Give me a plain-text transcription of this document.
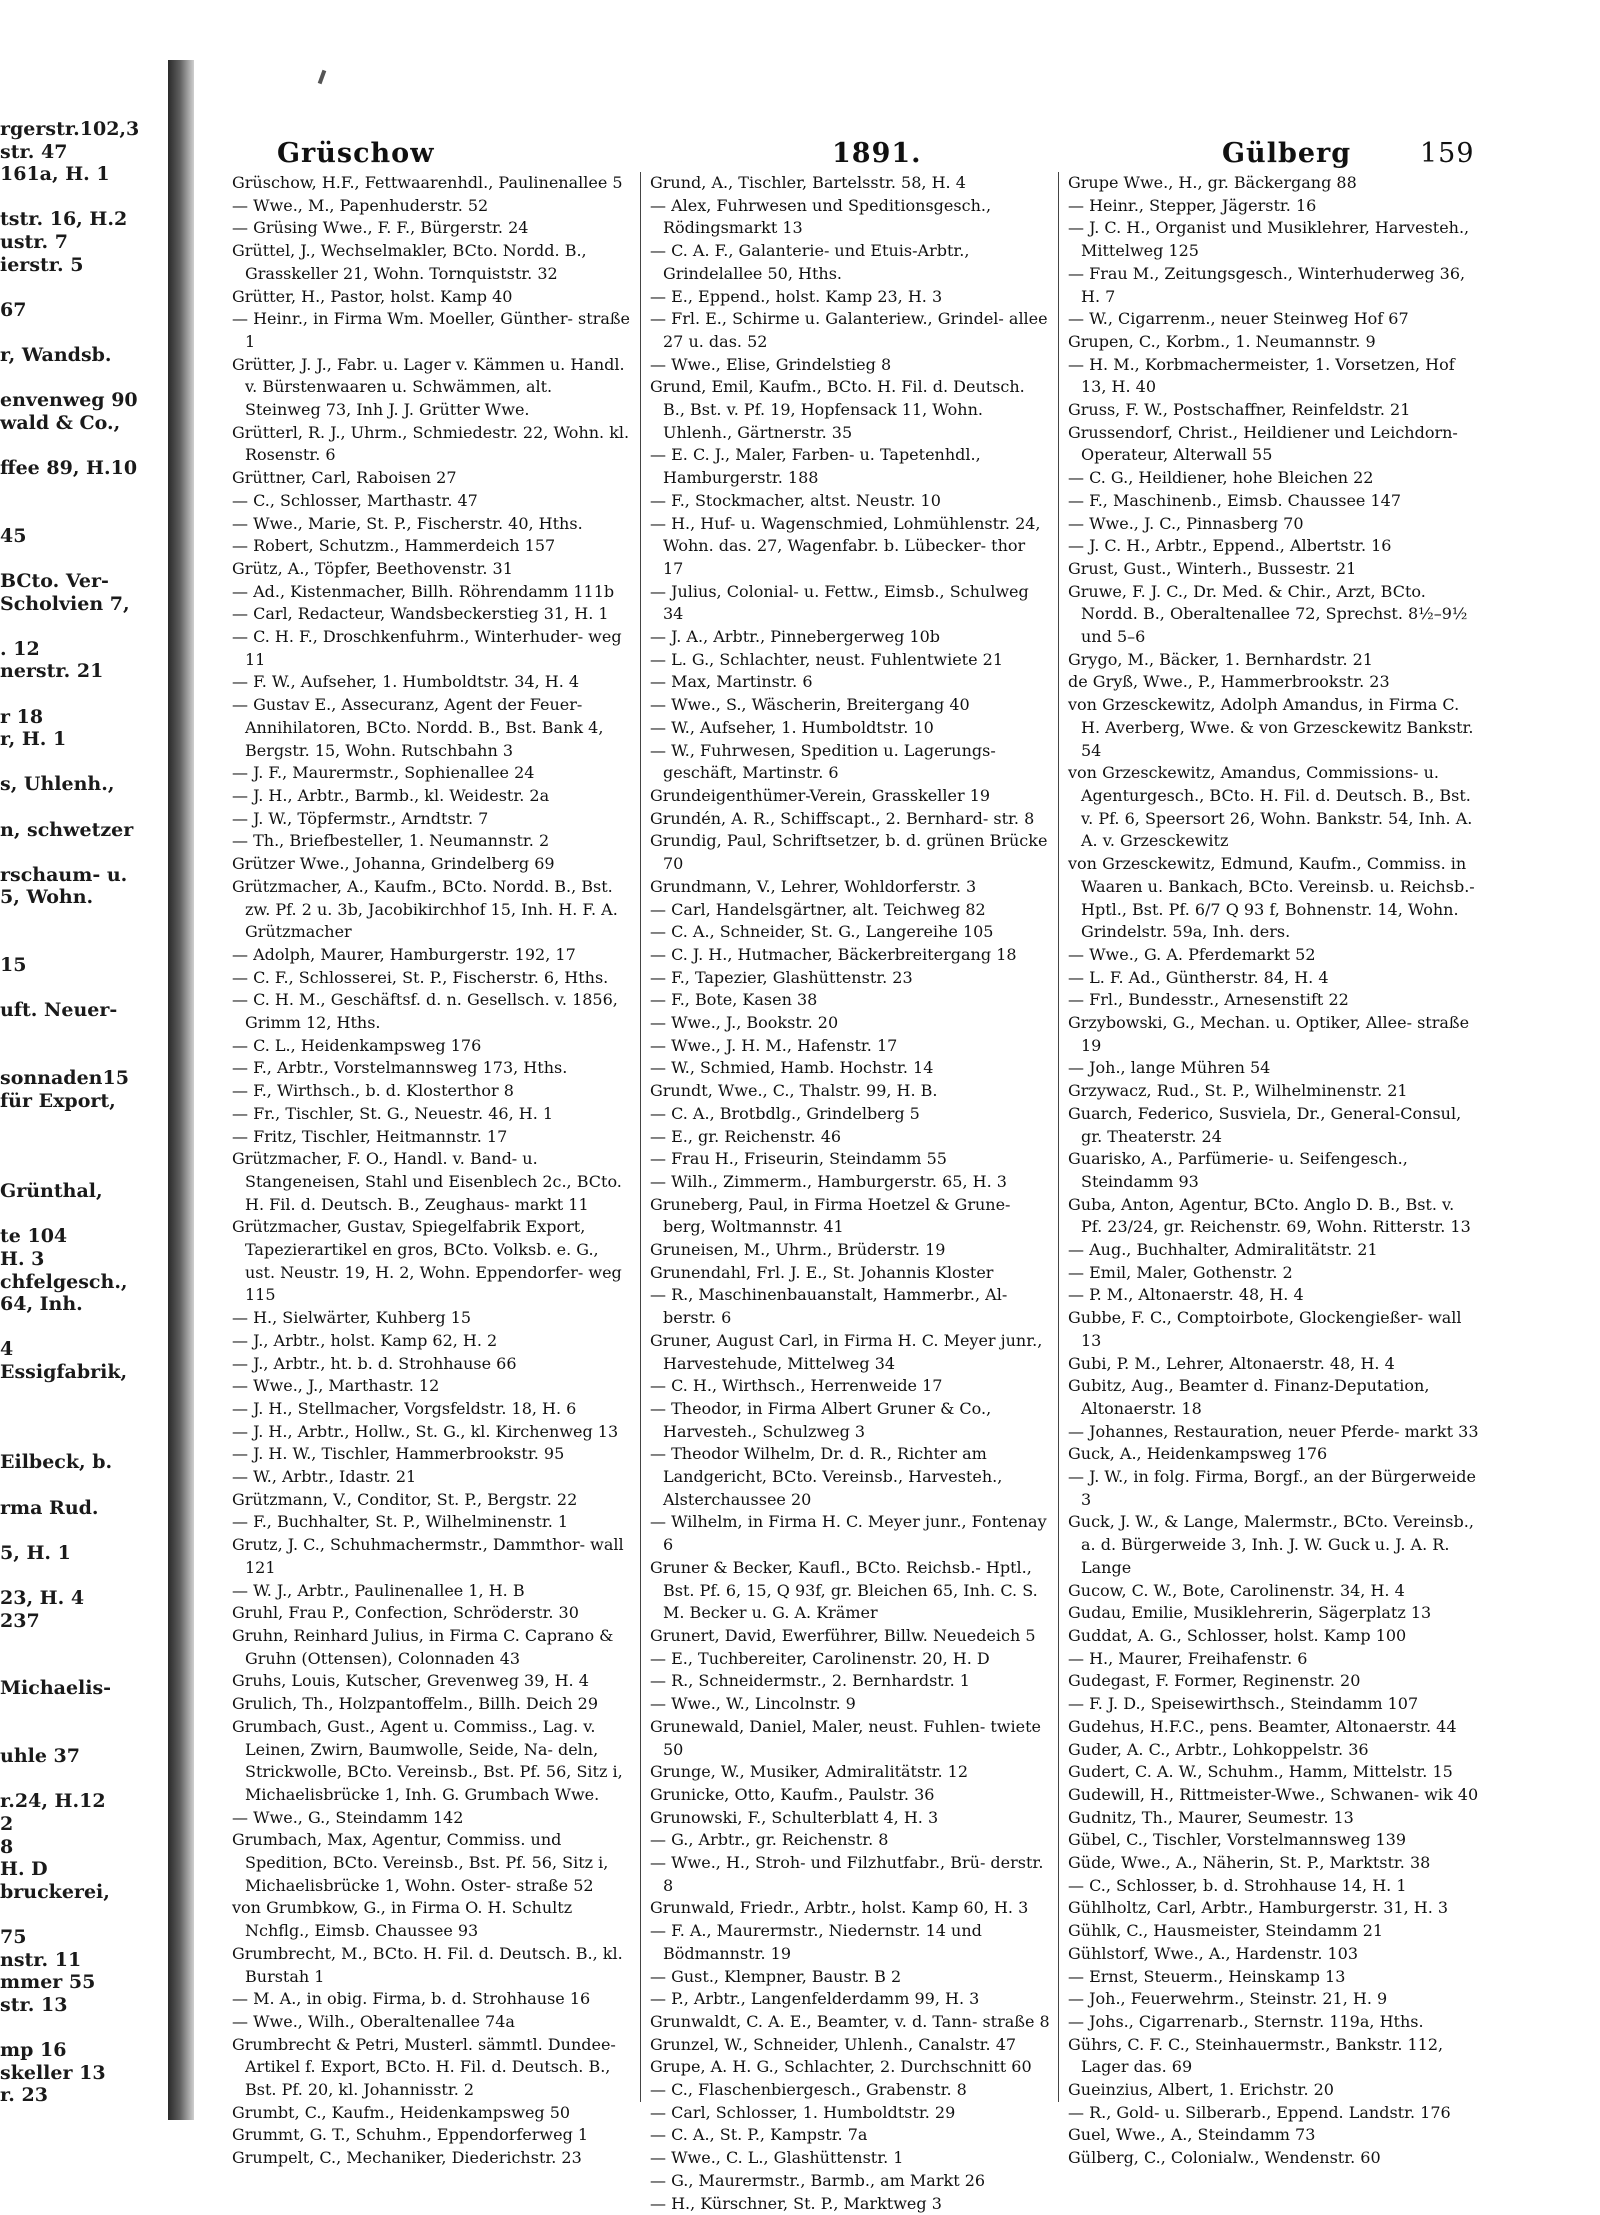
rgerstr.102,3
str. 47
161a, H. 1
tstr. 16, H.2
ustr. 7
ierstr. 5
67
r, Wandsb.
envenweg 90
wald & Co.,
ffee 89, H.10
45
BCto. Ver-
Scholvien 7,
. 12
nerstr. 21
r 18
r, H. 1
s, Uhlenh.,
n, schwetzer
rschaum- u.
5, Wohn.
15
uft. Neuer-
sonnaden15
für Export,
Grünthal,
te 104
H. 3
chfelgesch.,
64, Inh.
4
Essigfabrik,
Eilbeck, b.
rma Rud.
5, H. 1
23, H. 4
237
Michaelis-
uhle 37
r.24, H.12
2
8
H. D
bruckerei,
75
nstr. 11
mmer 55
str. 13
mp 16
skeller 13
r. 23
Grüschow	1891.	Gülberg	159
Grüschow, H.F., Fettwaarenhdl., Paulinenallee 5
— Wwe., M., Papenhuderstr. 52
— Grüsing Wwe., F. F., Bürgerstr. 24
Grüttel, J., Wechselmakler, BCto. Nordd. B., Grasskeller 21, Wohn. Tornquiststr. 32
Grütter, H., Pastor, holst. Kamp 40
— Heinr., in Firma Wm. Moeller, Günther- straße 1
Grütter, J. J., Fabr. u. Lager v. Kämmen u. Handl. v. Bürstenwaaren u. Schwämmen, alt. Steinweg 73, Inh J. J. Grütter Wwe.
Grütterl, R. J., Uhrm., Schmiedestr. 22, Wohn. kl. Rosenstr. 6
Grüttner, Carl, Raboisen 27
— C., Schlosser, Marthastr. 47
— Wwe., Marie, St. P., Fischerstr. 40, Hths.
— Robert, Schutzm., Hammerdeich 157
Grütz, A., Töpfer, Beethovenstr. 31
— Ad., Kistenmacher, Billh. Röhrendamm 111b
— Carl, Redacteur, Wandsbeckerstieg 31, H. 1
— C. H. F., Droschkenfuhrm., Winterhuder- weg 11
— F. W., Aufseher, 1. Humboldtstr. 34, H. 4
— Gustav E., Assecuranz, Agent der Feuer- Annihilatoren, BCto. Nordd. B., Bst. Bank 4, Bergstr. 15, Wohn. Rutschbahn 3
— J. F., Maurermstr., Sophienallee 24
— J. H., Arbtr., Barmb., kl. Weidestr. 2a
— J. W., Töpfermstr., Arndtstr. 7
— Th., Briefbesteller, 1. Neumannstr. 2
Grützer Wwe., Johanna, Grindelberg 69
Grützmacher, A., Kaufm., BCto. Nordd. B., Bst. zw. Pf. 2 u. 3b, Jacobikirchhof 15, Inh. H. F. A. Grützmacher
— Adolph, Maurer, Hamburgerstr. 192, 17
— C. F., Schlosserei, St. P., Fischerstr. 6, Hths.
— C. H. M., Geschäftsf. d. n. Gesellsch. v. 1856, Grimm 12, Hths.
— C. L., Heidenkampsweg 176
— F., Arbtr., Vorstelmannsweg 173, Hths.
— F., Wirthsch., b. d. Klosterthor 8
— Fr., Tischler, St. G., Neuestr. 46, H. 1
— Fritz, Tischler, Heitmannstr. 17
Grützmacher, F. O., Handl. v. Band- u. Stangeneisen, Stahl und Eisenblech 2c., BCto. H. Fil. d. Deutsch. B., Zeughaus- markt 11
Grützmacher, Gustav, Spiegelfabrik Export, Tapezierartikel en gros, BCto. Volksb. e. G., ust. Neustr. 19, H. 2, Wohn. Eppendorfer- weg 115
— H., Sielwärter, Kuhberg 15
— J., Arbtr., holst. Kamp 62, H. 2
— J., Arbtr., ht. b. d. Strohhause 66
— Wwe., J., Marthastr. 12
— J. H., Stellmacher, Vorgsfeldstr. 18, H. 6
— J. H., Arbtr., Hollw., St. G., kl. Kirchenweg 13
— J. H. W., Tischler, Hammerbrookstr. 95
— W., Arbtr., Idastr. 21
Grützmann, V., Conditor, St. P., Bergstr. 22
— F., Buchhalter, St. P., Wilhelminenstr. 1
Grutz, J. C., Schuhmachermstr., Dammthor- wall 121
— W. J., Arbtr., Paulinenallee 1, H. B
Gruhl, Frau P., Confection, Schröderstr. 30
Gruhn, Reinhard Julius, in Firma C. Caprano & Gruhn (Ottensen), Colonnaden 43
Gruhs, Louis, Kutscher, Grevenweg 39, H. 4
Grulich, Th., Holzpantoffelm., Billh. Deich 29
Grumbach, Gust., Agent u. Commiss., Lag. v. Leinen, Zwirn, Baumwolle, Seide, Na- deln, Strickwolle, BCto. Vereinsb., Bst. Pf. 56, Sitz i, Michaelisbrücke 1, Inh. G. Grumbach Wwe.
— Wwe., G., Steindamm 142
Grumbach, Max, Agentur, Commiss. und Spedition, BCto. Vereinsb., Bst. Pf. 56, Sitz i, Michaelisbrücke 1, Wohn. Oster- straße 52
von Grumbkow, G., in Firma O. H. Schultz Nchflg., Eimsb. Chaussee 93
Grumbrecht, M., BCto. H. Fil. d. Deutsch. B., kl. Burstah 1
— M. A., in obig. Firma, b. d. Strohhause 16
— Wwe., Wilh., Oberaltenallee 74a
Grumbrecht & Petri, Musterl. sämmtl. Dundee- Artikel f. Export, BCto. H. Fil. d. Deutsch. B., Bst. Pf. 20, kl. Johannisstr. 2
Grumbt, C., Kaufm., Heidenkampsweg 50
Grummt, G. T., Schuhm., Eppendorferweg 1
Grumpelt, C., Mechaniker, Diederichstr. 23
Grund, A., Tischler, Bartelsstr. 58, H. 4
— Alex, Fuhrwesen und Speditionsgesch., Rödingsmarkt 13
— C. A. F., Galanterie- und Etuis-Arbtr., Grindelallee 50, Hths.
— E., Eppend., holst. Kamp 23, H. 3
— Frl. E., Schirme u. Galanteriew., Grindel- allee 27 u. das. 52
— Wwe., Elise, Grindelstieg 8
Grund, Emil, Kaufm., BCto. H. Fil. d. Deutsch. B., Bst. v. Pf. 19, Hopfensack 11, Wohn. Uhlenh., Gärtnerstr. 35
— E. C. J., Maler, Farben- u. Tapetenhdl., Hamburgerstr. 188
— F., Stockmacher, altst. Neustr. 10
— H., Huf- u. Wagenschmied, Lohmühlenstr. 24, Wohn. das. 27, Wagenfabr. b. Lübecker- thor 17
— Julius, Colonial- u. Fettw., Eimsb., Schulweg 34
— J. A., Arbtr., Pinnebergerweg 10b
— L. G., Schlachter, neust. Fuhlentwiete 21
— Max, Martinstr. 6
— Wwe., S., Wäscherin, Breitergang 40
— W., Aufseher, 1. Humboldtstr. 10
— W., Fuhrwesen, Spedition u. Lagerungs- geschäft, Martinstr. 6
Grundeigenthümer-Verein, Grasskeller 19
Grundén, A. R., Schiffscapt., 2. Bernhard- str. 8
Grundig, Paul, Schriftsetzer, b. d. grünen Brücke 70
Grundmann, V., Lehrer, Wohldorferstr. 3
— Carl, Handelsgärtner, alt. Teichweg 82
— C. A., Schneider, St. G., Langereihe 105
— C. J. H., Hutmacher, Bäckerbreitergang 18
— F., Tapezier, Glashüttenstr. 23
— F., Bote, Kasen 38
— Wwe., J., Bookstr. 20
— Wwe., J. H. M., Hafenstr. 17
— W., Schmied, Hamb. Hochstr. 14
Grundt, Wwe., C., Thalstr. 99, H. B.
— C. A., Brotbdlg., Grindelberg 5
— E., gr. Reichenstr. 46
— Frau H., Friseurin, Steindamm 55
— Wilh., Zimmerm., Hamburgerstr. 65, H. 3
Gruneberg, Paul, in Firma Hoetzel & Grune- berg, Woltmannstr. 41
Gruneisen, M., Uhrm., Brüderstr. 19
Grunendahl, Frl. J. E., St. Johannis Kloster
— R., Maschinenbauanstalt, Hammerbr., Al- berstr. 6
Gruner, August Carl, in Firma H. C. Meyer junr., Harvestehude, Mittelweg 34
— C. H., Wirthsch., Herrenweide 17
— Theodor, in Firma Albert Gruner & Co., Harvesteh., Schulzweg 3
— Theodor Wilhelm, Dr. d. R., Richter am Landgericht, BCto. Vereinsb., Harvesteh., Alsterchaussee 20
— Wilhelm, in Firma H. C. Meyer junr., Fontenay 6
Gruner & Becker, Kaufl., BCto. Reichsb.- Hptl., Bst. Pf. 6, 15, Q 93f, gr. Bleichen 65, Inh. C. S. M. Becker u. G. A. Krämer
Grunert, David, Ewerführer, Billw. Neuedeich 5
— E., Tuchbereiter, Carolinenstr. 20, H. D
— R., Schneidermstr., 2. Bernhardstr. 1
— Wwe., W., Lincolnstr. 9
Grunewald, Daniel, Maler, neust. Fuhlen- twiete 50
Grunge, W., Musiker, Admiralitätstr. 12
Grunicke, Otto, Kaufm., Paulstr. 36
Grunowski, F., Schulterblatt 4, H. 3
— G., Arbtr., gr. Reichenstr. 8
— Wwe., H., Stroh- und Filzhutfabr., Brü- derstr. 8
Grunwald, Friedr., Arbtr., holst. Kamp 60, H. 3
— F. A., Maurermstr., Niedernstr. 14 und Bödmannstr. 19
— Gust., Klempner, Baustr. B 2
— P., Arbtr., Langenfelderdamm 99, H. 3
Grunwaldt, C. A. E., Beamter, v. d. Tann- straße 8
Grunzel, W., Schneider, Uhlenh., Canalstr. 47
Grupe, A. H. G., Schlachter, 2. Durchschnitt 60
— C., Flaschenbiergesch., Grabenstr. 8
— Carl, Schlosser, 1. Humboldtstr. 29
— C. A., St. P., Kampstr. 7a
— Wwe., C. L., Glashüttenstr. 1
— G., Maurermstr., Barmb., am Markt 26
— H., Kürschner, St. P., Marktweg 3
Grupe Wwe., H., gr. Bäckergang 88
— Heinr., Stepper, Jägerstr. 16
— J. C. H., Organist und Musiklehrer, Harvesteh., Mittelweg 125
— Frau M., Zeitungsgesch., Winterhuderweg 36, H. 7
— W., Cigarrenm., neuer Steinweg Hof 67
Grupen, C., Korbm., 1. Neumannstr. 9
— H. M., Korbmachermeister, 1. Vorsetzen, Hof 13, H. 40
Gruss, F. W., Postschaffner, Reinfeldstr. 21
Grussendorf, Christ., Heildiener und Leichdorn- Operateur, Alterwall 55
— C. G., Heildiener, hohe Bleichen 22
— F., Maschinenb., Eimsb. Chaussee 147
— Wwe., J. C., Pinnasberg 70
— J. C. H., Arbtr., Eppend., Albertstr. 16
Grust, Gust., Winterh., Bussestr. 21
Gruwe, F. J. C., Dr. Med. & Chir., Arzt, BCto. Nordd. B., Oberaltenallee 72, Sprechst. 8½–9½ und 5–6
Grygo, M., Bäcker, 1. Bernhardstr. 21
de Gryß, Wwe., P., Hammerbrookstr. 23
von Grzesckewitz, Adolph Amandus, in Firma C. H. Averberg, Wwe. & von Grzesckewitz Bankstr. 54
von Grzesckewitz, Amandus, Commissions- u. Agenturgesch., BCto. H. Fil. d. Deutsch. B., Bst. v. Pf. 6, Speersort 26, Wohn. Bankstr. 54, Inh. A. A. v. Grzesckewitz
von Grzesckewitz, Edmund, Kaufm., Commiss. in Waaren u. Bankach, BCto. Vereinsb. u. Reichsb.-Hptl., Bst. Pf. 6/7 Q 93 f, Bohnenstr. 14, Wohn. Grindelstr. 59a, Inh. ders.
— Wwe., G. A. Pferdemarkt 52
— L. F. Ad., Güntherstr. 84, H. 4
— Frl., Bundesstr., Arnesenstift 22
Grzybowski, G., Mechan. u. Optiker, Allee- straße 19
— Joh., lange Mühren 54
Grzywacz, Rud., St. P., Wilhelminenstr. 21
Guarch, Federico, Susviela, Dr., General-Consul, gr. Theaterstr. 24
Guarisko, A., Parfümerie- u. Seifengesch., Steindamm 93
Guba, Anton, Agentur, BCto. Anglo D. B., Bst. v. Pf. 23/24, gr. Reichenstr. 69, Wohn. Ritterstr. 13
— Aug., Buchhalter, Admiralitätstr. 21
— Emil, Maler, Gothenstr. 2
— P. M., Altonaerstr. 48, H. 4
Gubbe, F. C., Comptoirbote, Glockengießer- wall 13
Gubi, P. M., Lehrer, Altonaerstr. 48, H. 4
Gubitz, Aug., Beamter d. Finanz-Deputation, Altonaerstr. 18
— Johannes, Restauration, neuer Pferde- markt 33
Guck, A., Heidenkampsweg 176
— J. W., in folg. Firma, Borgf., an der Bürgerweide 3
Guck, J. W., & Lange, Malermstr., BCto. Vereinsb., a. d. Bürgerweide 3, Inh. J. W. Guck u. J. A. R. Lange
Gucow, C. W., Bote, Carolinenstr. 34, H. 4
Gudau, Emilie, Musiklehrerin, Sägerplatz 13
Guddat, A. G., Schlosser, holst. Kamp 100
— H., Maurer, Freihafenstr. 6
Gudegast, F. Former, Reginenstr. 20
— F. J. D., Speisewirthsch., Steindamm 107
Gudehus, H.F.C., pens. Beamter, Altonaerstr. 44
Guder, A. C., Arbtr., Lohkoppelstr. 36
Gudert, C. A. W., Schuhm., Hamm, Mittelstr. 15
Gudewill, H., Rittmeister-Wwe., Schwanen- wik 40
Gudnitz, Th., Maurer, Seumestr. 13
Gübel, C., Tischler, Vorstelmannsweg 139
Güde, Wwe., A., Näherin, St. P., Marktstr. 38
— C., Schlosser, b. d. Strohhause 14, H. 1
Gühlholtz, Carl, Arbtr., Hamburgerstr. 31, H. 3
Gühlk, C., Hausmeister, Steindamm 21
Gühlstorf, Wwe., A., Hardenstr. 103
— Ernst, Steuerm., Heinskamp 13
— Joh., Feuerwehrm., Steinstr. 21, H. 9
— Johs., Cigarrenarb., Sternstr. 119a, Hths.
Gührs, C. F. C., Steinhauermstr., Bankstr. 112, Lager das. 69
Gueinzius, Albert, 1. Erichstr. 20
— R., Gold- u. Silberarb., Eppend. Landstr. 176
Guel, Wwe., A., Steindamm 73
Gülberg, C., Colonialw., Wendenstr. 60
